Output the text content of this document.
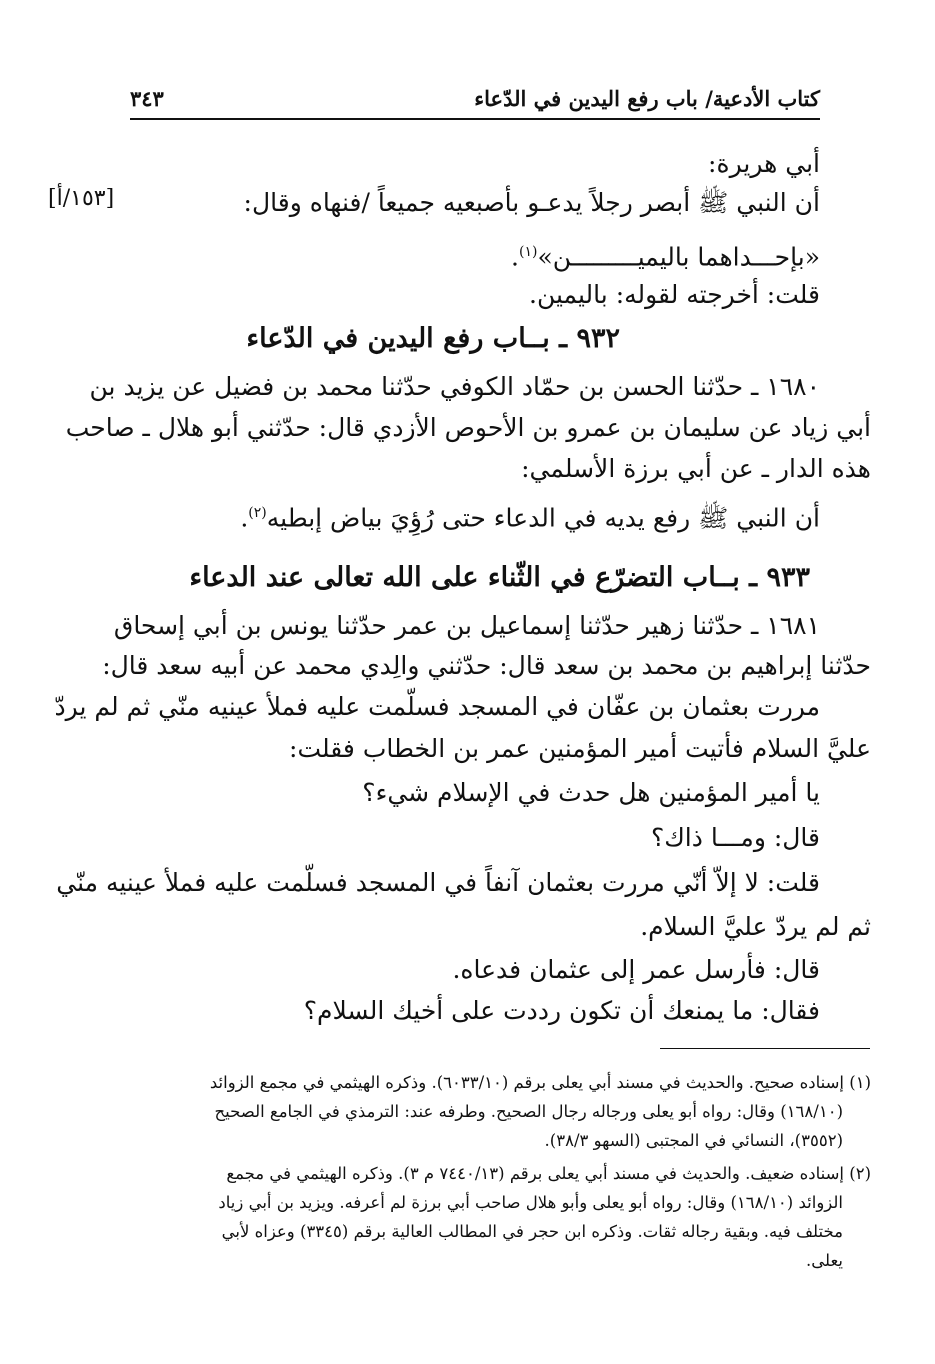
كتاب الأدعية/ باب رفع اليدين في الدّعاء
٣٤٣
أبي هريرة:
أن النبي ﷺ أبصر رجلاً يدعـو بأصبعيه جميعاً /فنهاه وقال:
[١٥٣/أ]
«بإحـــداهما باليميـــــــــن»$^{(١)}$.
قلت: أخرجته لقوله: باليمين.
٩٣٢ ـ بــاب رفع اليدين في الدّعاء
١٦٨٠ ـ حدّثنا الحسن بن حمّاد الكوفي حدّثنا محمد بن فضيل عن يزيد بن
أبي زياد عن سليمان بن عمرو بن الأحوص الأزدي قال: حدّثني أبو هلال ـ صاحب
هذه الدار ـ عن أبي برزة الأسلمي:
أن النبي ﷺ رفع يديه في الدعاء حتى رُؤِيَ بياض إبطيه$^{(٢)}$.
٩٣٣ ـ بــاب التضرّع في الثّناء على الله تعالى عند الدعاء
١٦٨١ ـ حدّثنا زهير حدّثنا إسماعيل بن عمر حدّثنا يونس بن أبي إسحاق
حدّثنا إبراهيم بن محمد بن سعد قال: حدّثني والِدي محمد عن أبيه سعد قال:
مررت بعثمان بن عفّان في المسجد فسلّمت عليه فملأ عينيه منّي ثم لم يردّ
عليَّ السلام فأتيت أمير المؤمنين عمر بن الخطاب فقلت:
يا أمير المؤمنين هل حدث في الإسلام شيء؟
قال: ومـــا ذاك؟
قلت: لا إلاّ أنّي مررت بعثمان آنفاً في المسجد فسلّمت عليه فملأ عينيه منّي
ثم لم يردّ عليَّ السلام.
قال: فأرسل عمر إلى عثمان فدعاه.
فقال: ما يمنعك أن تكون رددت على أخيك السلام؟
(١) إسناده صحيح. والحديث في مسند أبي يعلى برقم (٦٠٣٣/١٠). وذكره الهيثمي في مجمع الزوائد
(١٦٨/١٠) وقال: رواه أبو يعلى ورجاله رجال الصحيح. وطرفه عند: الترمذي في الجامع الصحيح
(٣٥٥٢)، النسائي في المجتبى (السهو ٣٨/٣).
(٢) إسناده ضعيف. والحديث في مسند أبي يعلى برقم (٧٤٤٠/١٣ م ٣). وذكره الهيثمي في مجمع
الزوائد (١٦٨/١٠) وقال: رواه أبو يعلى وأبو هلال صاحب أبي برزة لم أعرفه. ويزيد بن أبي زياد
مختلف فيه. وبقية رجاله ثقات. وذكره ابن حجر في المطالب العالية برقم (٣٣٤٥) وعزاه لأبي
يعلى.
